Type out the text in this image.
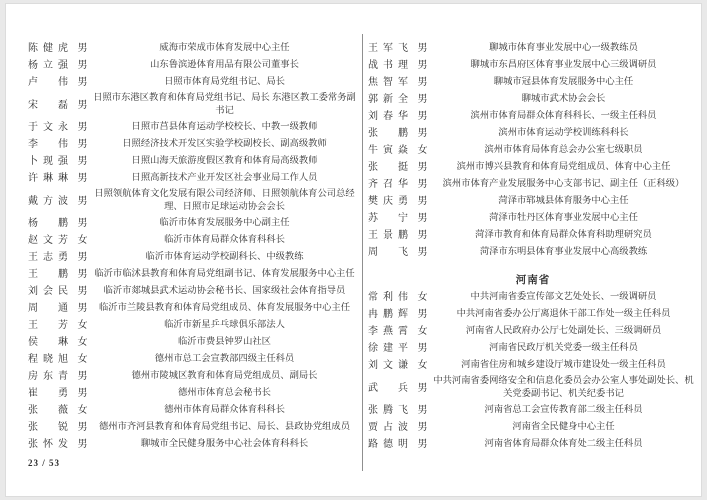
陈健虎 男	威海市荣成市体育发展中心主任
杨立强 男	山东鲁滨逊体育用品有限公司董事长
卢　伟 男	日照市体育局党组书记、局长
宋　磊 男
日照市东港区教育和体育局党组书记、局长 东港区教工委常务副书记
于文永 男	日照市莒县体育运动学校校长、中教一级教师
李　伟 男	日照经济技术开发区实验学校副校长、副高级教师
卜现强 男	日照山海天旅游度假区教育和体育局高级教师
许琳琳 男	日照高新技术产业开发区社会事业局工作人员
戴方波 男
日照领航体育文化发展有限公司经济师、日照领航体育公司总经理、日照市足球运动协会会长
杨　鹏 男	临沂市体育发展服务中心副主任
赵文芳 女	临沂市体育局群众体育科科长
王志勇 男	临沂市体育运动学校副科长、中级教练
王　鹏 男 临沂市临沭县教育和体育局党组副书记、体育发展服务中心主任
刘会民 男	临沂市郯城县武术运动协会秘书长、国家级社会体育指导员
周　通 男	临沂市兰陵县教育和体育局党组成员、体育发展服务中心主任
王　芳 女	临沂市新星乒乓球俱乐部法人
侯　琳 女	临沂市费县钟罗山社区
程晓旭 女	德州市总工会宣教部四级主任科员
房东青 男	德州市陵城区教育和体育局党组成员、副局长
崔　勇 男	德州市体育总会秘书长
张　薇 女	德州市体育局群众体育科科长
张　锐 男	德州市齐河县教育和体育局党组书记、局长、县政协党组成员
张怀发 男	聊城市全民健身服务中心社会体育科科长
王军飞 男	聊城市体育事业发展中心一级教练员
战书理 男	聊城市东昌府区体育事业发展中心三级调研员
焦智军 男	聊城市冠县体育发展服务中心主任
郭新全 男	聊城市武术协会会长
刘春华 男	滨州市体育局群众体育科科长、一级主任科员
张　鹏 男	滨州市体育运动学校训练科科长
牛寅焱 女	滨州市体育局体育总会办公室七级职员
张　挺 男	滨州市博兴县教育和体育局党组成员、体育中心主任
齐召华 男	滨州市体育产业发展服务中心支部书记、副主任（正科级）
樊庆勇 男	菏泽市郓城县体育服务中心主任
苏　宁 男	菏泽市牡丹区体育事业发展中心主任
王景鹏 男	菏泽市教育和体育局群众体育科助理研究员
周　飞 男	菏泽市东明县体育事业发展中心高级教练
河南省
常利伟 女	中共河南省委宣传部文艺处处长、一级调研员
冉鹏辉 男	中共河南省委办公厅离退休干部工作处一级主任科员
李燕霄 女	河南省人民政府办公厅七处副处长、三级调研员
徐建平 男	河南省民政厅机关党委一级主任科员
刘文谦 女	河南省住房和城乡建设厅城市建设处一级主任科员
武　兵 男
中共河南省委网络安全和信息化委员会办公室人事处副处长、机关党委副书记、机关纪委书记
张腾飞 男	河南省总工会宣传教育部二级主任科员
贾占波 男	河南省全民健身中心主任
路德明 男	河南省体育局群众体育处二级主任科员
23 / 53
